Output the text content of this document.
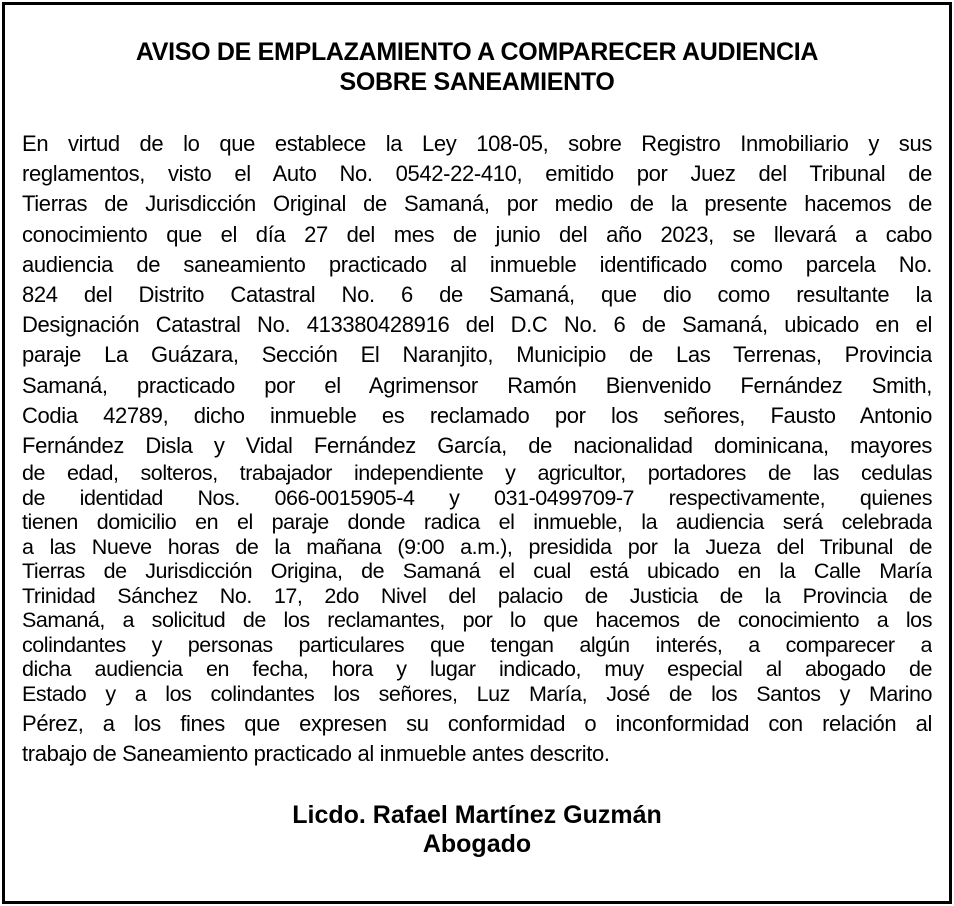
AVISO DE EMPLAZAMIENTO A COMPARECER AUDIENCIA
SOBRE SANEAMIENTO
En virtud de lo que establece la Ley 108-05, sobre Registro Inmobiliario y sus
reglamentos, visto el Auto No. 0542-22-410, emitido por Juez del Tribunal de
Tierras de Jurisdicción Original de Samaná, por medio de la presente hacemos de
conocimiento que el día 27 del mes de junio del año 2023, se llevará a cabo
audiencia de saneamiento practicado al inmueble identificado como parcela No.
824 del Distrito Catastral No. 6 de Samaná, que dio como resultante la
Designación Catastral No. 413380428916 del D.C No. 6 de Samaná, ubicado en el
paraje La Guázara, Sección El Naranjito, Municipio de Las Terrenas, Provincia
Samaná, practicado por el Agrimensor Ramón Bienvenido Fernández Smith,
Codia 42789, dicho inmueble es reclamado por los señores, Fausto Antonio
Fernández Disla y Vidal Fernández García, de nacionalidad dominicana, mayores
de edad, solteros, trabajador independiente y agricultor, portadores de las cedulas
de identidad Nos. 066-0015905-4 y 031-0499709-7 respectivamente, quienes
tienen domicilio en el paraje donde radica el inmueble, la audiencia será celebrada
a las Nueve horas de la mañana (9:00 a.m.), presidida por la Jueza del Tribunal de
Tierras de Jurisdicción Origina, de Samaná el cual está ubicado en la Calle María
Trinidad Sánchez No. 17, 2do Nivel del palacio de Justicia de la Provincia de
Samaná, a solicitud de los reclamantes, por lo que hacemos de conocimiento a los
colindantes y personas particulares que tengan algún interés, a comparecer a
dicha audiencia en fecha, hora y lugar indicado, muy especial al abogado de
Estado y a los colindantes los señores, Luz María, José de los Santos y Marino
Pérez, a los fines que expresen su conformidad o inconformidad con relación al
trabajo de Saneamiento practicado al inmueble antes descrito.
Licdo. Rafael Martínez Guzmán
Abogado
